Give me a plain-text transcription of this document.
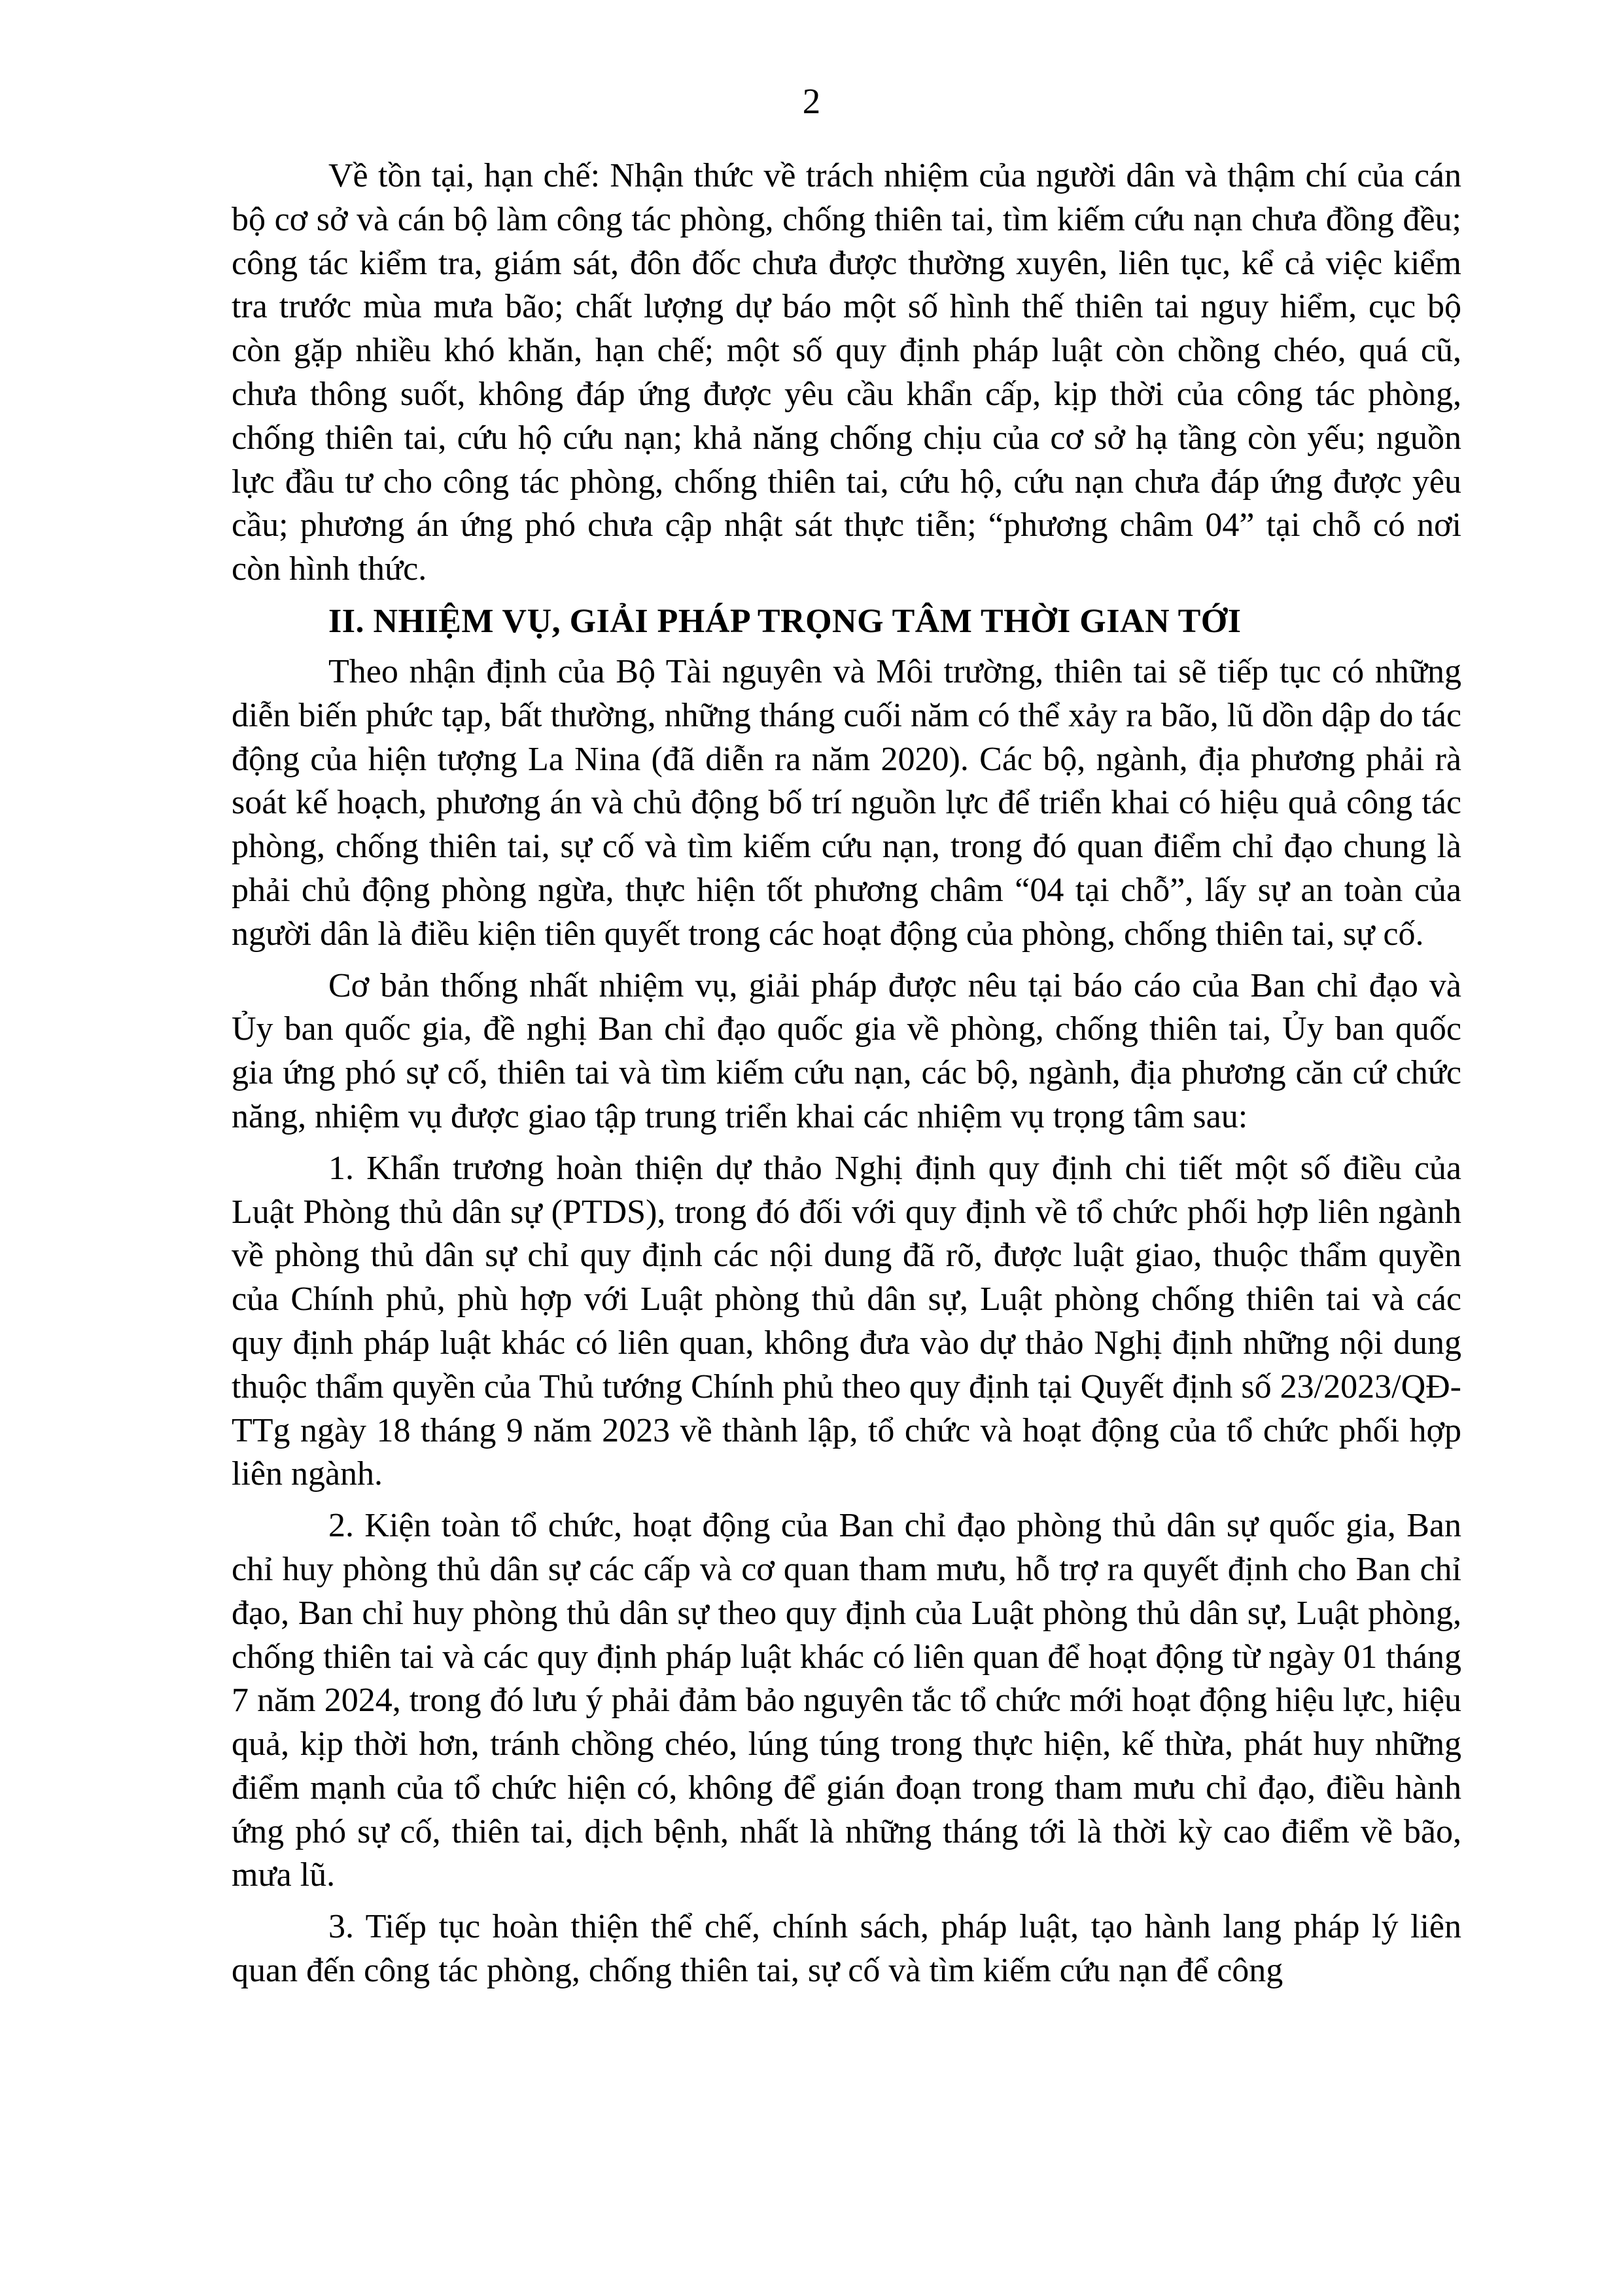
2

Về tồn tại, hạn chế: Nhận thức về trách nhiệm của người dân và thậm chí của cán bộ cơ sở và cán bộ làm công tác phòng, chống thiên tai, tìm kiếm cứu nạn chưa đồng đều; công tác kiểm tra, giám sát, đôn đốc chưa được thường xuyên, liên tục, kể cả việc kiểm tra trước mùa mưa bão; chất lượng dự báo một số hình thế thiên tai nguy hiểm, cục bộ còn gặp nhiều khó khăn, hạn chế; một số quy định pháp luật còn chồng chéo, quá cũ, chưa thông suốt, không đáp ứng được yêu cầu khẩn cấp, kịp thời của công tác phòng, chống thiên tai, cứu hộ cứu nạn; khả năng chống chịu của cơ sở hạ tầng còn yếu; nguồn lực đầu tư cho công tác phòng, chống thiên tai, cứu hộ, cứu nạn chưa đáp ứng được yêu cầu; phương án ứng phó chưa cập nhật sát thực tiễn; “phương châm 04” tại chỗ có nơi còn hình thức.

II. NHIỆM VỤ, GIẢI PHÁP TRỌNG TÂM THỜI GIAN TỚI

Theo nhận định của Bộ Tài nguyên và Môi trường, thiên tai sẽ tiếp tục có những diễn biến phức tạp, bất thường, những tháng cuối năm có thể xảy ra bão, lũ dồn dập do tác động của hiện tượng La Nina (đã diễn ra năm 2020). Các bộ, ngành, địa phương phải rà soát kế hoạch, phương án và chủ động bố trí nguồn lực để triển khai có hiệu quả công tác phòng, chống thiên tai, sự cố và tìm kiếm cứu nạn, trong đó quan điểm chỉ đạo chung là phải chủ động phòng ngừa, thực hiện tốt phương châm “04 tại chỗ”, lấy sự an toàn của người dân là điều kiện tiên quyết trong các hoạt động của phòng, chống thiên tai, sự cố.

Cơ bản thống nhất nhiệm vụ, giải pháp được nêu tại báo cáo của Ban chỉ đạo và Ủy ban quốc gia, đề nghị Ban chỉ đạo quốc gia về phòng, chống thiên tai, Ủy ban quốc gia ứng phó sự cố, thiên tai và tìm kiếm cứu nạn, các bộ, ngành, địa phương căn cứ chức năng, nhiệm vụ được giao tập trung triển khai các nhiệm vụ trọng tâm sau:

1. Khẩn trương hoàn thiện dự thảo Nghị định quy định chi tiết một số điều của Luật Phòng thủ dân sự (PTDS), trong đó đối với quy định về tổ chức phối hợp liên ngành về phòng thủ dân sự chỉ quy định các nội dung đã rõ, được luật giao, thuộc thẩm quyền của Chính phủ, phù hợp với Luật phòng thủ dân sự, Luật phòng chống thiên tai và các quy định pháp luật khác có liên quan, không đưa vào dự thảo Nghị định những nội dung thuộc thẩm quyền của Thủ tướng Chính phủ theo quy định tại Quyết định số 23/2023/QĐ-TTg ngày 18 tháng 9 năm 2023 về thành lập, tổ chức và hoạt động của tổ chức phối hợp liên ngành.

2. Kiện toàn tổ chức, hoạt động của Ban chỉ đạo phòng thủ dân sự quốc gia, Ban chỉ huy phòng thủ dân sự các cấp và cơ quan tham mưu, hỗ trợ ra quyết định cho Ban chỉ đạo, Ban chỉ huy phòng thủ dân sự theo quy định của Luật phòng thủ dân sự, Luật phòng, chống thiên tai và các quy định pháp luật khác có liên quan để hoạt động từ ngày 01 tháng 7 năm 2024, trong đó lưu ý phải đảm bảo nguyên tắc tổ chức mới hoạt động hiệu lực, hiệu quả, kịp thời hơn, tránh chồng chéo, lúng túng trong thực hiện, kế thừa, phát huy những điểm mạnh của tổ chức hiện có, không để gián đoạn trong tham mưu chỉ đạo, điều hành ứng phó sự cố, thiên tai, dịch bệnh, nhất là những tháng tới là thời kỳ cao điểm về bão, mưa lũ.

3. Tiếp tục hoàn thiện thể chế, chính sách, pháp luật, tạo hành lang pháp lý liên quan đến công tác phòng, chống thiên tai, sự cố và tìm kiếm cứu nạn để công
